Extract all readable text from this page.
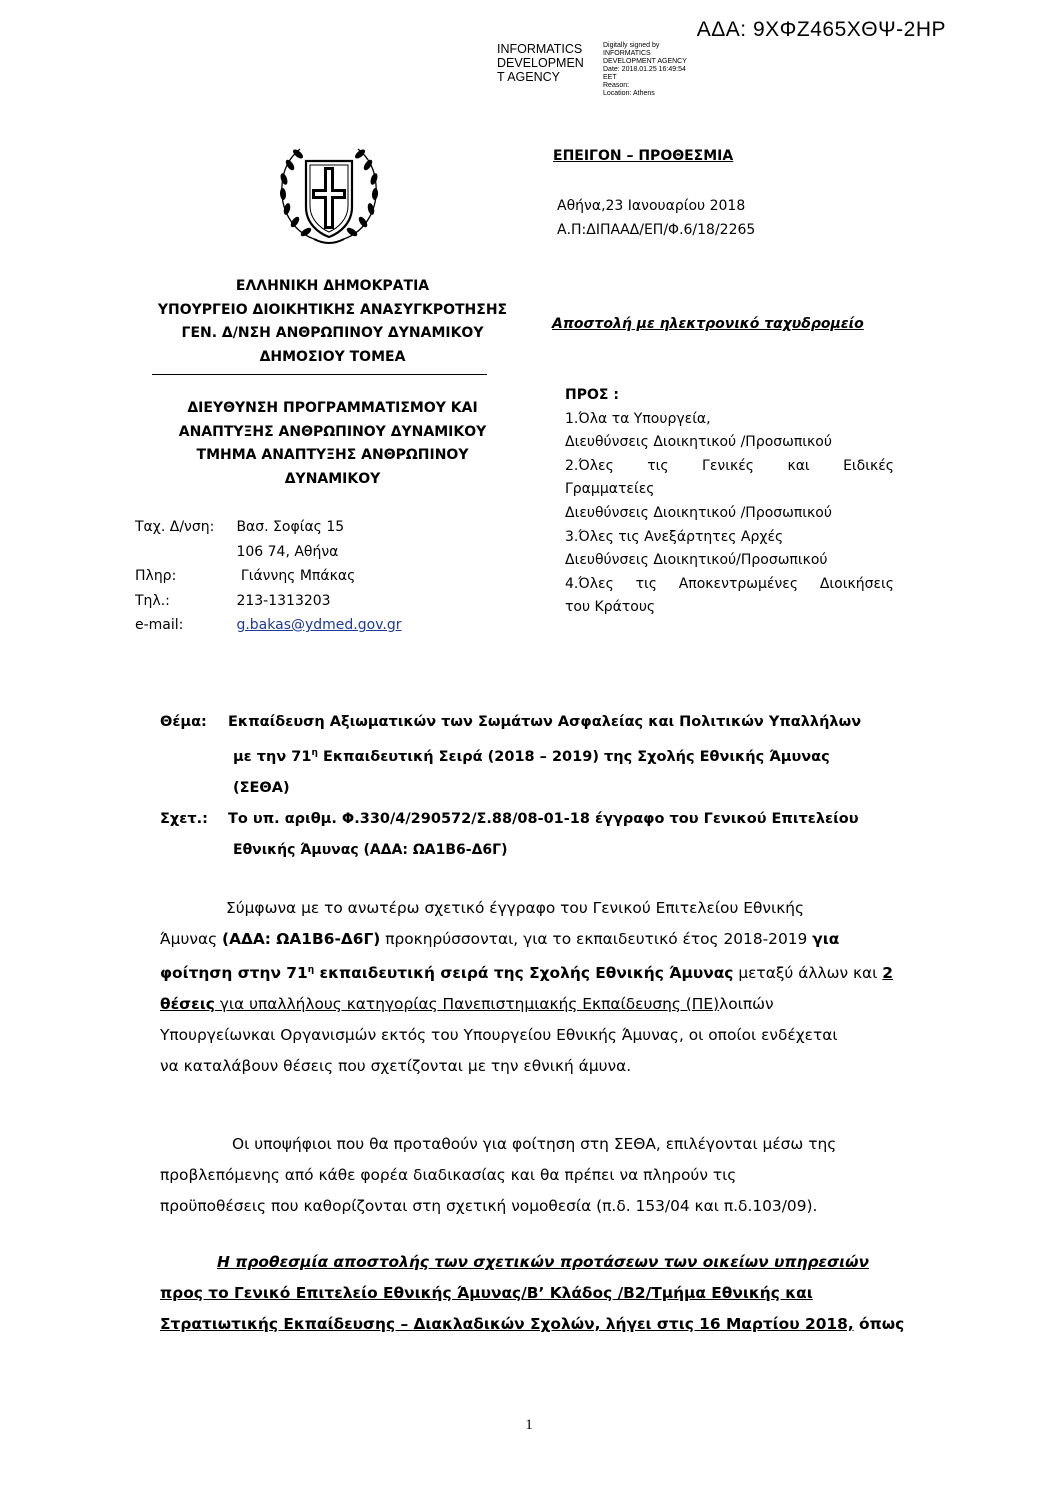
ΑΔΑ: 9ΧΦΖ465ΧΘΨ-2ΗΡ
INFORMATICS
DEVELOPMEN
T AGENCY
Digitally signed by
INFORMATICS
DEVELOPMENT AGENCY
Date: 2018.01.25 16:49:54
EET
Reason:
Location: Athens
ΕΠΕΙΓΟΝ – ΠΡΟΘΕΣΜΙΑ
Αθήνα,23 Ιανουαρίου 2018
Α.Π:ΔΙΠΑΑΔ/ΕΠ/Φ.6/18/2265
Αποστολή με ηλεκτρονικό ταχυδρομείο
ΕΛΛΗΝΙΚΗ ΔΗΜΟΚΡΑΤΙΑ
ΥΠΟΥΡΓΕΙΟ ΔΙΟΙΚΗΤΙΚΗΣ ΑΝΑΣΥΓΚΡΟΤΗΣΗΣ
ΓΕΝ. Δ/ΝΣΗ ΑΝΘΡΩΠΙΝΟΥ ΔΥΝΑΜΙΚΟΥ
ΔΗΜΟΣΙΟΥ ΤΟΜΕΑ
ΔΙΕΥΘΥΝΣΗ ΠΡΟΓΡΑΜΜΑΤΙΣΜΟΥ ΚΑΙ
ΑΝΑΠΤΥΞΗΣ ΑΝΘΡΩΠΙΝΟΥ ΔΥΝΑΜΙΚΟΥ
ΤΜΗΜΑ ΑΝΑΠΤΥΞΗΣ ΑΝΘΡΩΠΙΝΟΥ
ΔΥΝΑΜΙΚΟΥ
Ταχ. Δ/νση: Βασ. Σοφίας 15
106 74, Αθήνα
Πληρ:	Γιάννης Μπάκας
Τηλ.:	213-1313203
e-mail:	g.bakas@ydmed.gov.gr
ΠΡΟΣ :
1.Όλα τα Υπουργεία,
Διευθύνσεις Διοικητικού /Προσωπικού
2.Όλες τις Γενικές και Ειδικές
Γραμματείες
Διευθύνσεις Διοικητικού /Προσωπικού
3.Όλες τις Ανεξάρτητες Αρχές
Διευθύνσεις Διοικητικού/Προσωπικού
4.Όλες τις Αποκεντρωμένες Διοικήσεις
του Κράτους
Θέμα: Εκπαίδευση Αξιωματικών των Σωμάτων Ασφαλείας και Πολιτικών Υπαλλήλων
με την $71^\eta$ Εκπαιδευτική Σειρά (2018 – 2019) της Σχολής Εθνικής Άμυνας
(ΣΕΘΑ)
Σχετ.: Το υπ. αριθμ. Φ.330/4/290572/Σ.88/08-01-18 έγγραφο του Γενικού Επιτελείου
Εθνικής Άμυνας (ΑΔΑ: ΩΑ1Β6-Δ6Γ)
Σύμφωνα με το ανωτέρω σχετικό έγγραφο του Γενικού Επιτελείου Εθνικής
Άμυνας (ΑΔΑ: ΩΑ1Β6-Δ6Γ) προκηρύσσονται, για το εκπαιδευτικό έτος 2018-2019 για
φοίτηση στην $71^\eta$ εκπαιδευτική σειρά της Σχολής Εθνικής Άμυνας μεταξύ άλλων και 2
θέσεις για υπαλλήλους κατηγορίας Πανεπιστημιακής Εκπαίδευσης (ΠΕ)λοιπών
Υπουργείωνκαι Οργανισμών εκτός του Υπουργείου Εθνικής Άμυνας, οι οποίοι ενδέχεται
να καταλάβουν θέσεις που σχετίζονται με την εθνική άμυνα.
Οι υποψήφιοι που θα προταθούν για φοίτηση στη ΣΕΘΑ, επιλέγονται μέσω της
προβλεπόμενης από κάθε φορέα διαδικασίας και θα πρέπει να πληρούν τις
προϋποθέσεις που καθορίζονται στη σχετική νομοθεσία (π.δ. 153/04 και π.δ.103/09).
Η προθεσμία αποστολής των σχετικών προτάσεων των οικείων υπηρεσιών
προς το Γενικό Επιτελείο Εθνικής Άμυνας/Β’ Κλάδος /Β2/Τμήμα Εθνικής και
Στρατιωτικής Εκπαίδευσης – Διακλαδικών Σχολών, λήγει στις 16 Μαρτίου 2018, όπως
1
